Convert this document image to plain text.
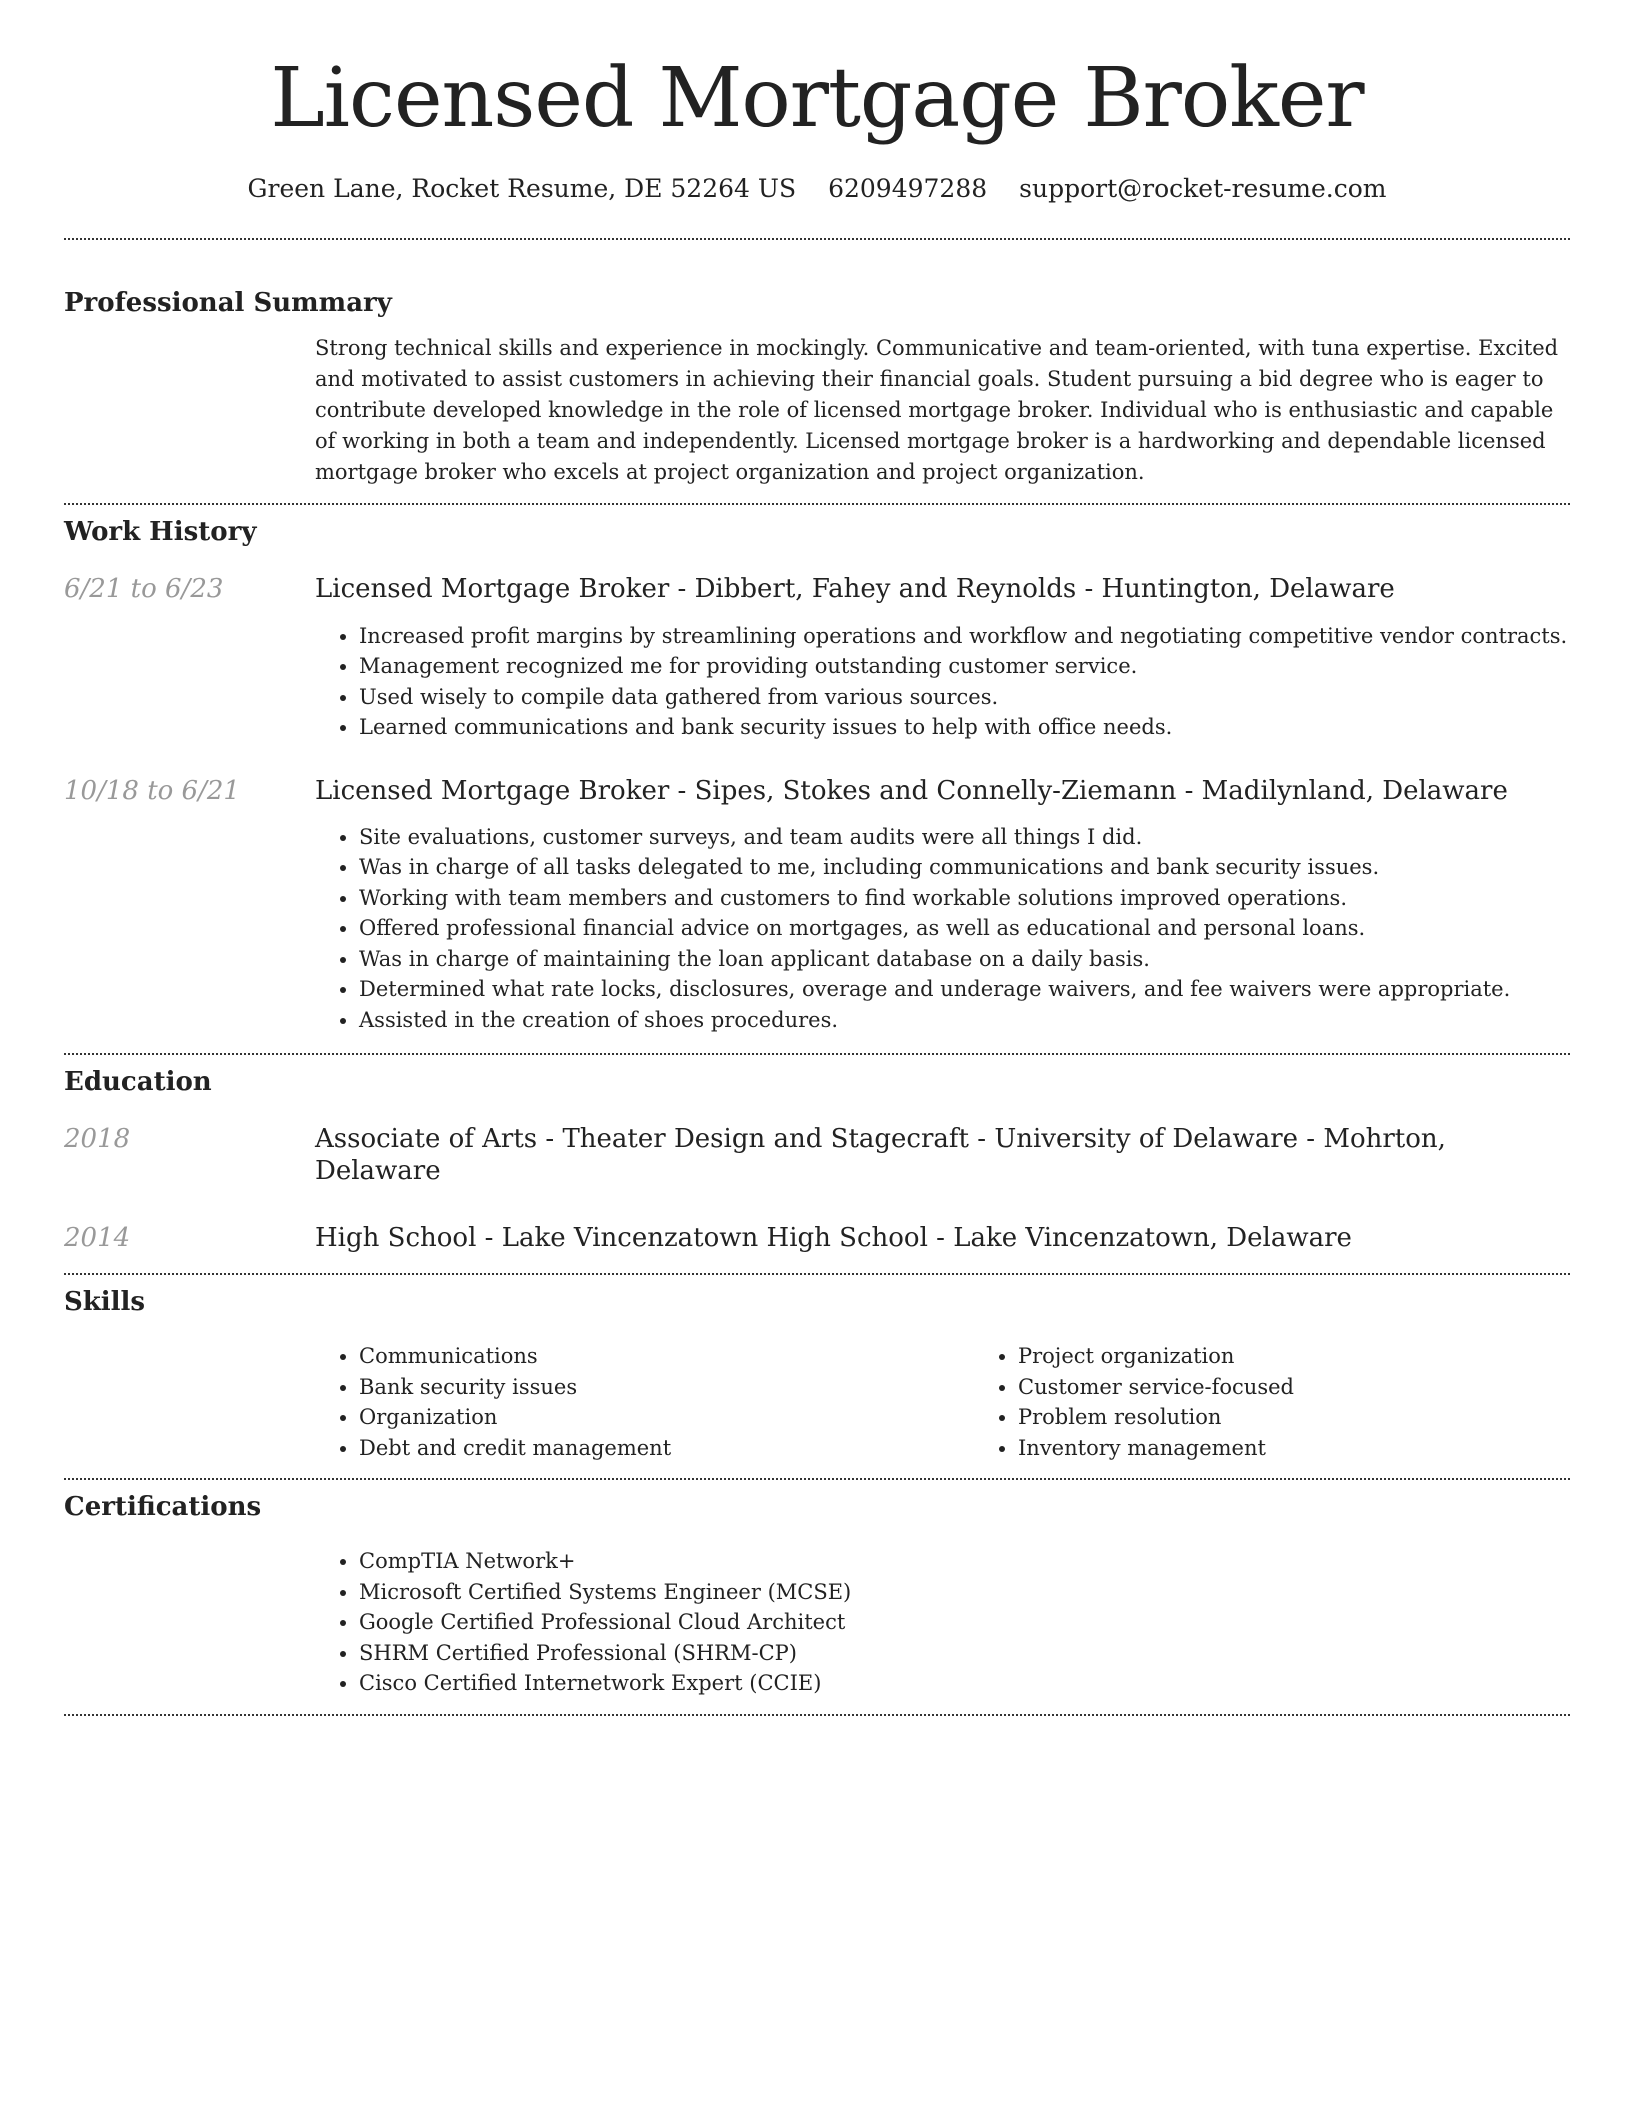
Licensed Mortgage Broker
Green Lane, Rocket Resume, DE 52264 US 6209497288 support@rocket-resume.com
Professional Summary

Strong technical skills and experience in mockingly. Communicative and team-oriented, with tuna expertise. Excited and motivated to assist customers in achieving their financial goals. Student pursuing a bid degree who is eager to contribute developed knowledge in the role of licensed mortgage broker. Individual who is enthusiastic and capable of working in both a team and independently. Licensed mortgage broker is a hardworking and dependable licensed mortgage broker who excels at project organization and project organization.

Work History
6/21 to 6/23	Licensed Mortgage Broker - Dibbert, Fahey and Reynolds - Huntington, Delaware

• Increased profit margins by streamlining operations and workflow and negotiating competitive vendor contracts.
• Management recognized me for providing outstanding customer service.
• Used wisely to compile data gathered from various sources.
• Learned communications and bank security issues to help with office needs.
10/18 to 6/21	Licensed Mortgage Broker - Sipes, Stokes and Connelly-Ziemann - Madilynland, Delaware

• Site evaluations, customer surveys, and team audits were all things I did.
• Was in charge of all tasks delegated to me, including communications and bank security issues.
• Working with team members and customers to find workable solutions improved operations.
• Offered professional financial advice on mortgages, as well as educational and personal loans.
• Was in charge of maintaining the loan applicant database on a daily basis.
• Determined what rate locks, disclosures, overage and underage waivers, and fee waivers were appropriate.
• Assisted in the creation of shoes procedures.
Education
2018	Associate of Arts - Theater Design and Stagecraft - University of Delaware - Mohrton, Delaware

2014	High School - Lake Vincenzatown High School - Lake Vincenzatown, Delaware

Skills
• Communications
• Bank security issues
• Organization
• Debt and credit management
• Project organization
• Customer service-focused
• Problem resolution
• Inventory management
Certifications
• CompTIA Network+
• Microsoft Certified Systems Engineer (MCSE)
• Google Certified Professional Cloud Architect
• SHRM Certified Professional (SHRM-CP)
• Cisco Certified Internetwork Expert (CCIE)
